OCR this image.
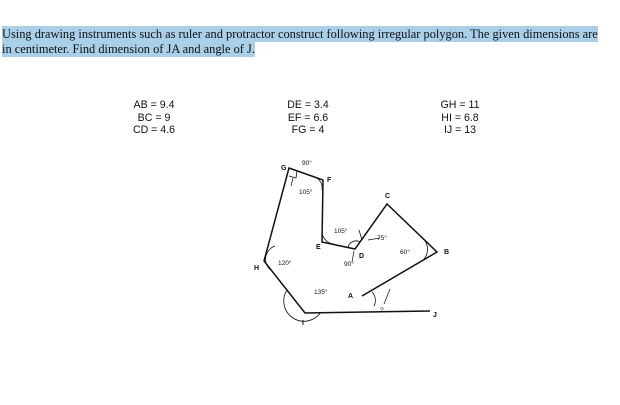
Using drawing instruments such as ruler and protractor construct following irregular polygon. The given dimensions are
in centimeter. Find dimension of JA and angle of J.
AB = 9.4
BC = 9
CD = 4.6
DE = 3.4
EF = 6.6
FG = 4
GH = 11
HI = 6.8
IJ = 13
A
B
C
D
E
F
G
H
I
J
90°
105°
105°
75°
90°
60°
120°
135°
?
